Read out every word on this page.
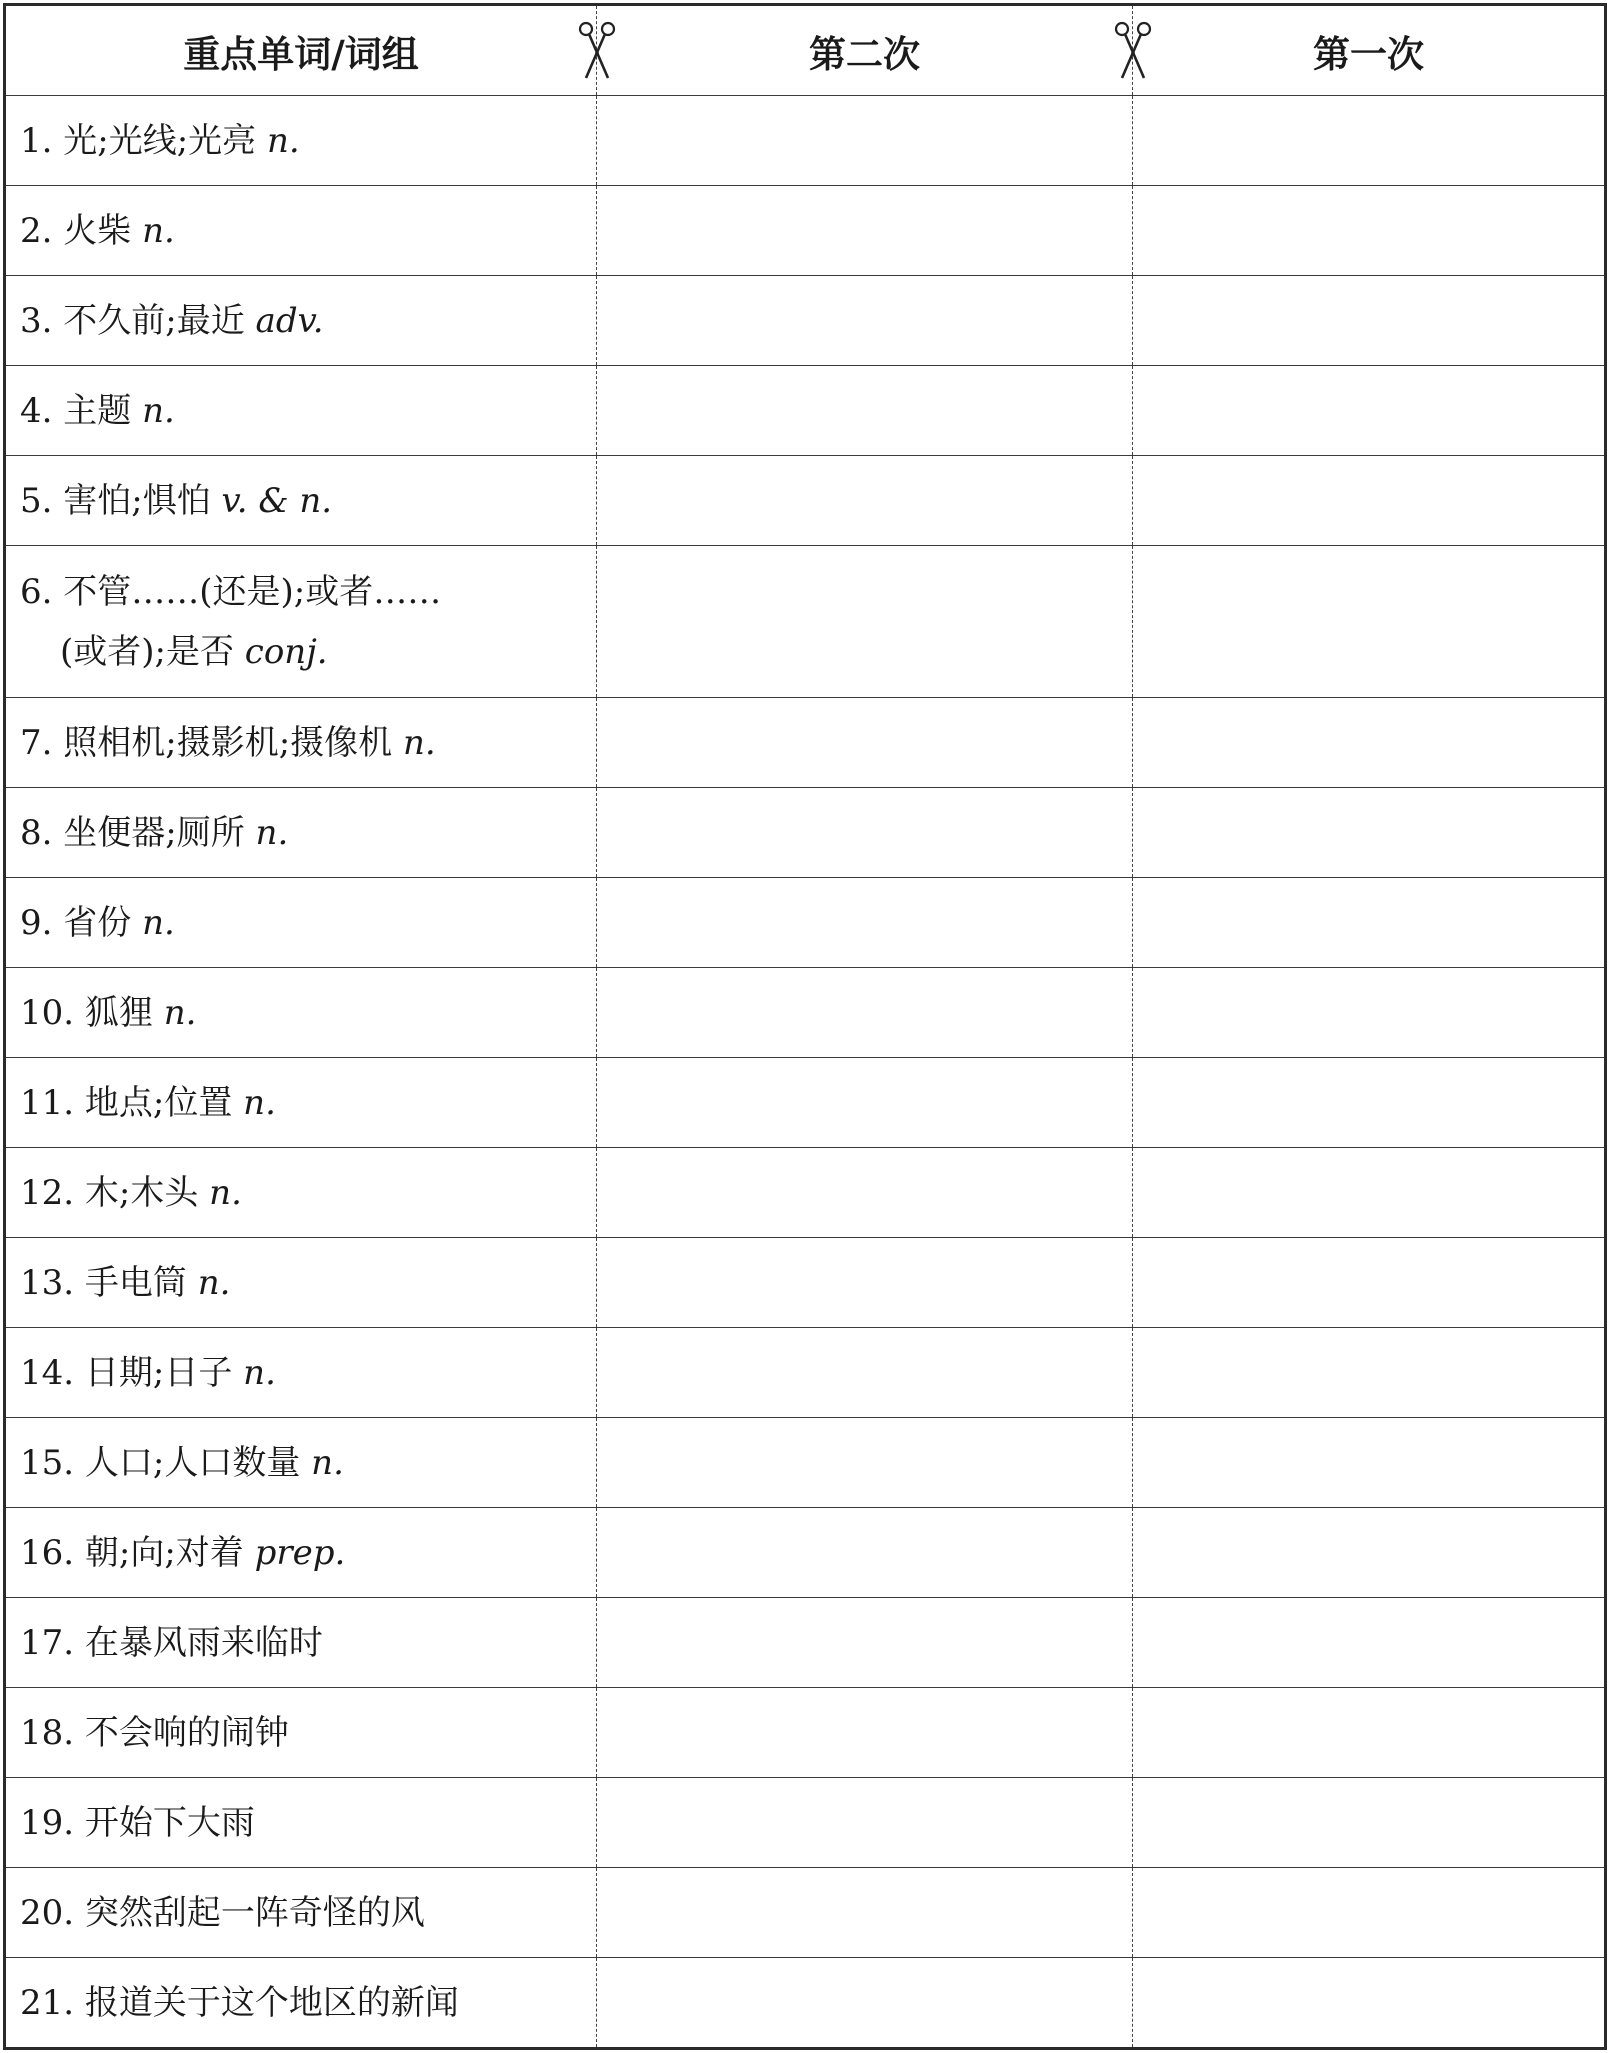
重点单词/词组	第二次	第一次
1. 光;光线;光亮 n.
2. 火柴 n.
3. 不久前;最近 adv.
4. 主题 n.
5. 害怕;惧怕 v. & n.
6. 不管……(还是);或者……
(或者);是否 conj.
7. 照相机;摄影机;摄像机 n.
8. 坐便器;厕所 n.
9. 省份 n.
10. 狐狸 n.
11. 地点;位置 n.
12. 木;木头 n.
13. 手电筒 n.
14. 日期;日子 n.
15. 人口;人口数量 n.
16. 朝;向;对着 prep.
17. 在暴风雨来临时
18. 不会响的闹钟
19. 开始下大雨
20. 突然刮起一阵奇怪的风
21. 报道关于这个地区的新闻
